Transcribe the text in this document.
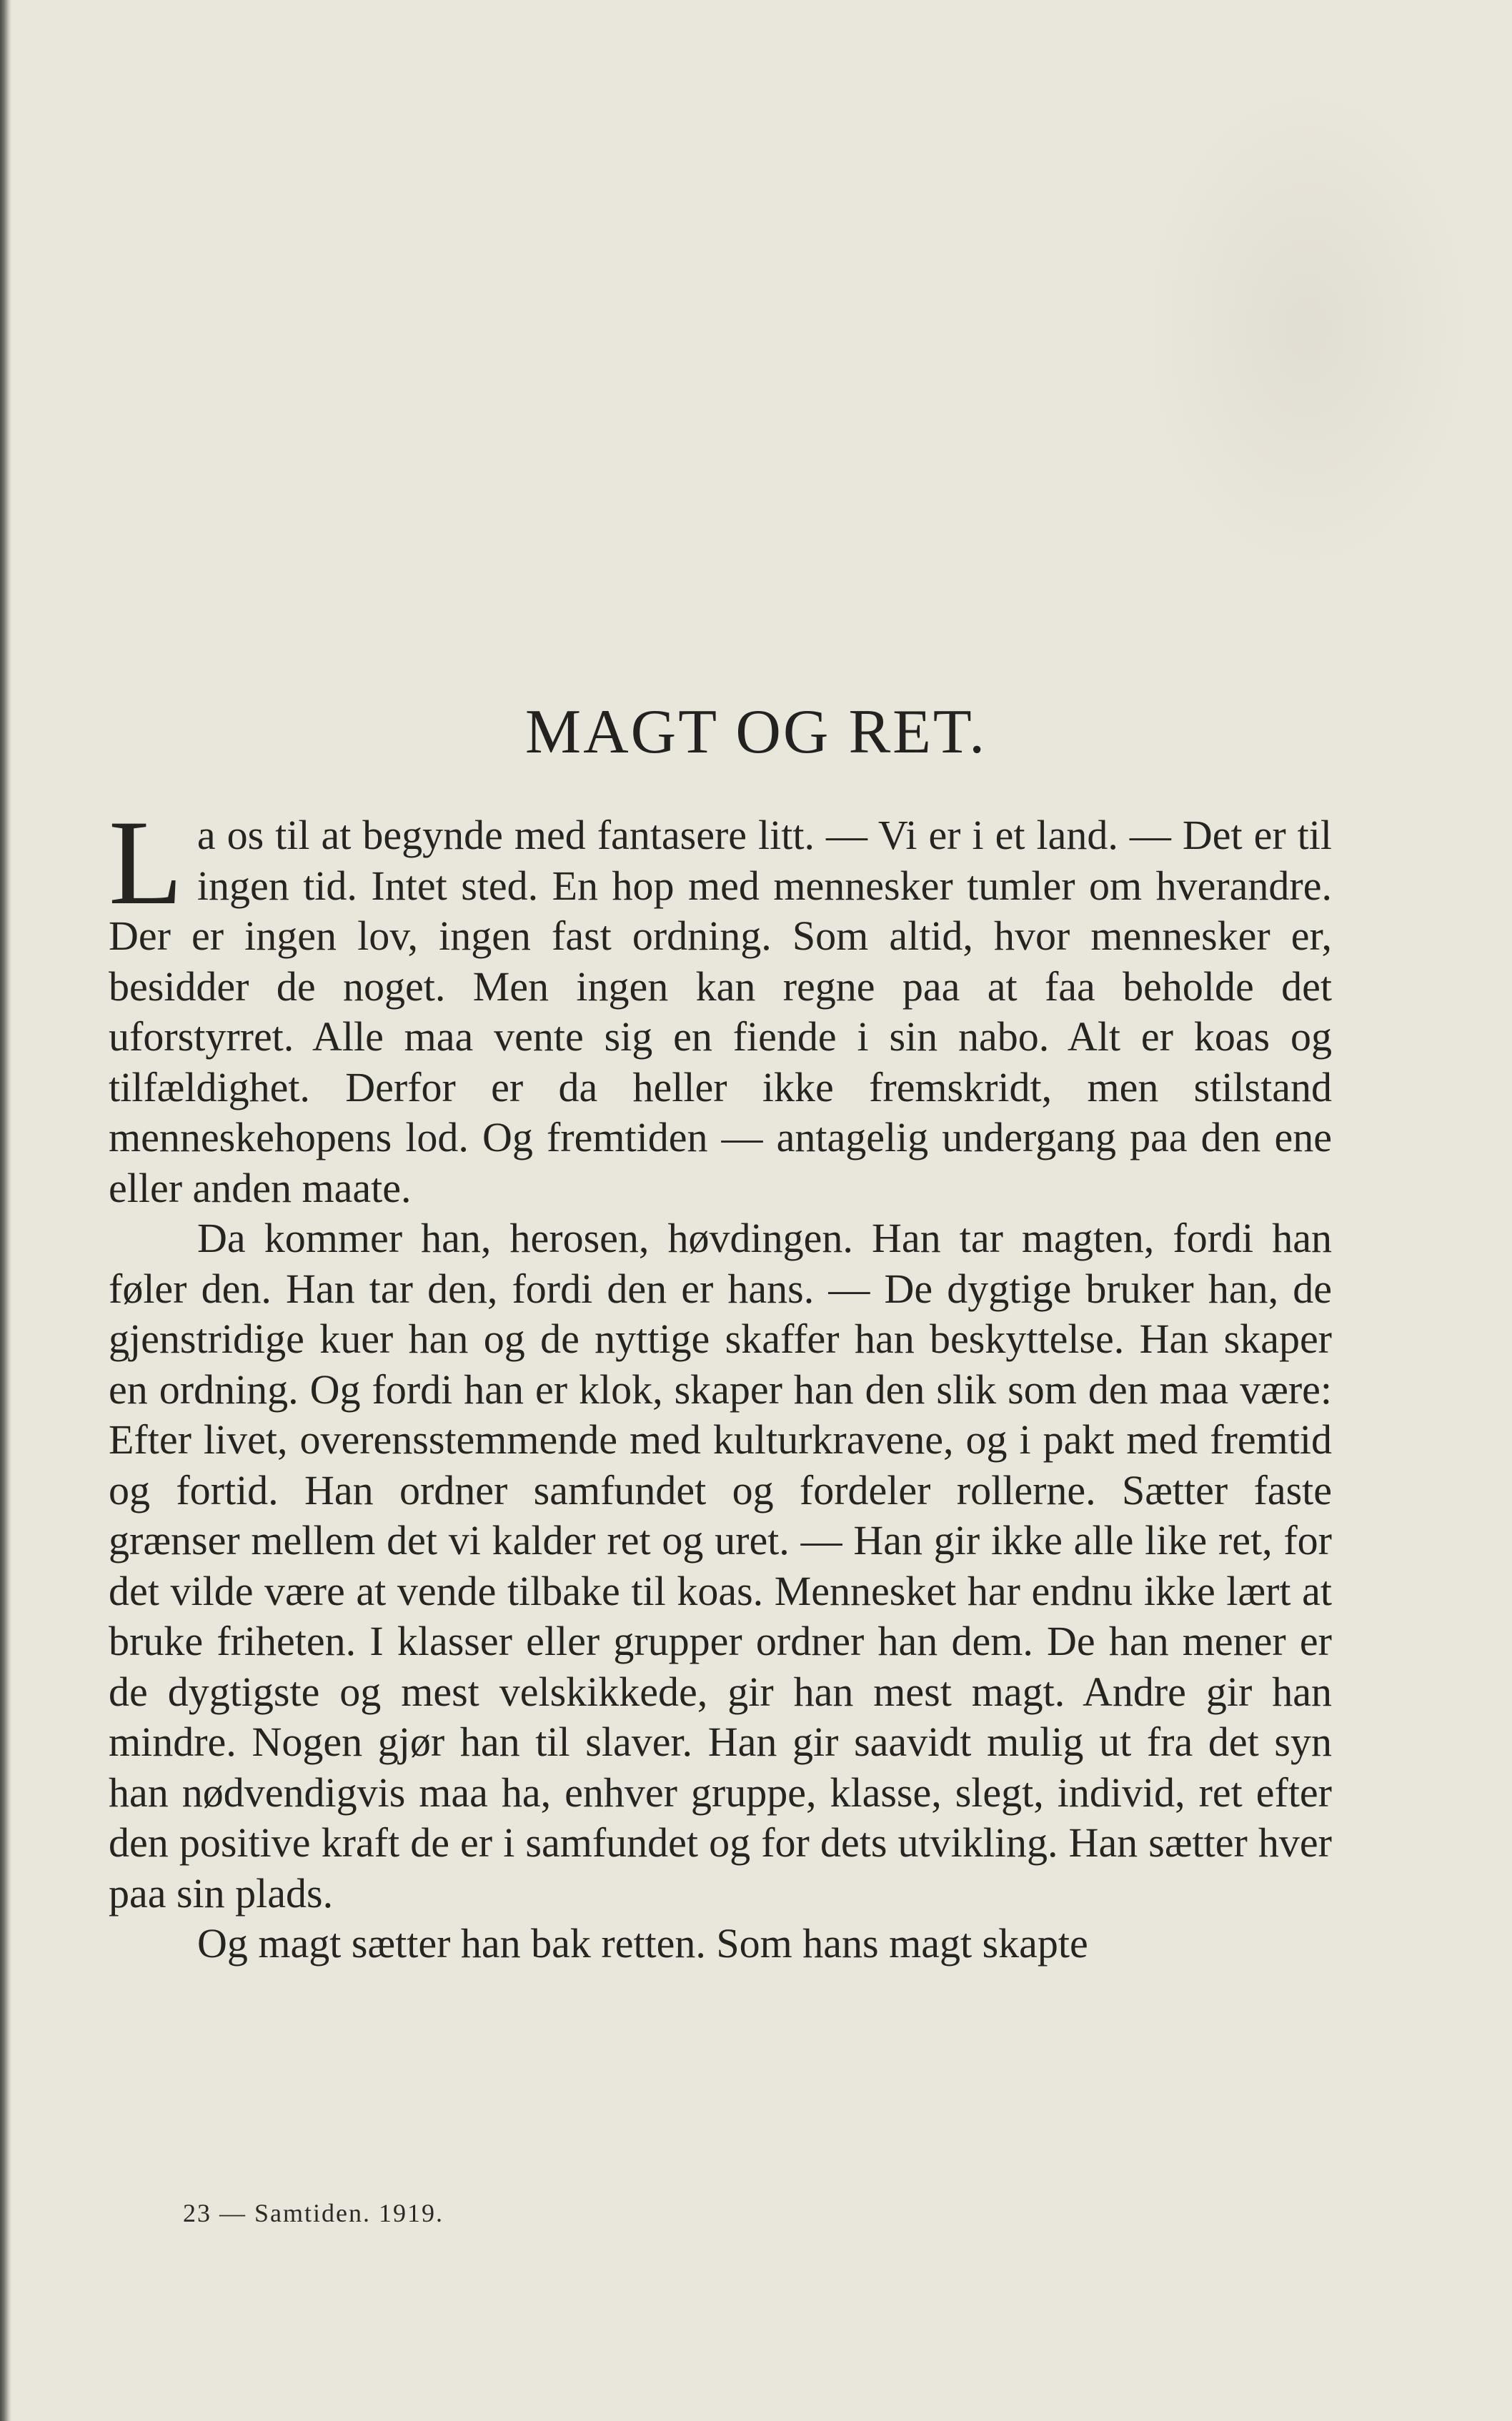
MAGT OG RET.

La os til at begynde med fantasere litt. — Vi er i et land. — Det er til ingen tid. Intet sted. En hop med mennesker tumler om hverandre. Der er ingen lov, ingen fast ordning. Som altid, hvor mennesker er, besidder de noget. Men ingen kan regne paa at faa beholde det uforstyrret. Alle maa vente sig en fiende i sin nabo. Alt er koas og tilfældighet. Derfor er da heller ikke fremskridt, men stilstand menneskehopens lod. Og fremtiden — antagelig undergang paa den ene eller anden maate.

Da kommer han, herosen, høvdingen. Han tar magten, fordi han føler den. Han tar den, fordi den er hans. — De dygtige bruker han, de gjenstridige kuer han og de nyttige skaffer han beskyttelse. Han skaper en ordning. Og fordi han er klok, skaper han den slik som den maa være: Efter livet, overensstemmende med kulturkravene, og i pakt med fremtid og fortid. Han ordner samfundet og fordeler rollerne. Sætter faste grænser mellem det vi kalder ret og uret. — Han gir ikke alle like ret, for det vilde være at vende tilbake til koas. Mennesket har endnu ikke lært at bruke friheten. I klasser eller grupper ordner han dem. De han mener er de dygtigste og mest velskikkede, gir han mest magt. Andre gir han mindre. Nogen gjør han til slaver. Han gir saavidt mulig ut fra det syn han nødvendigvis maa ha, enhver gruppe, klasse, slegt, individ, ret efter den positive kraft de er i samfundet og for dets utvikling. Han sætter hver paa sin plads.

Og magt sætter han bak retten. Som hans magt skapte

23 — Samtiden. 1919.
